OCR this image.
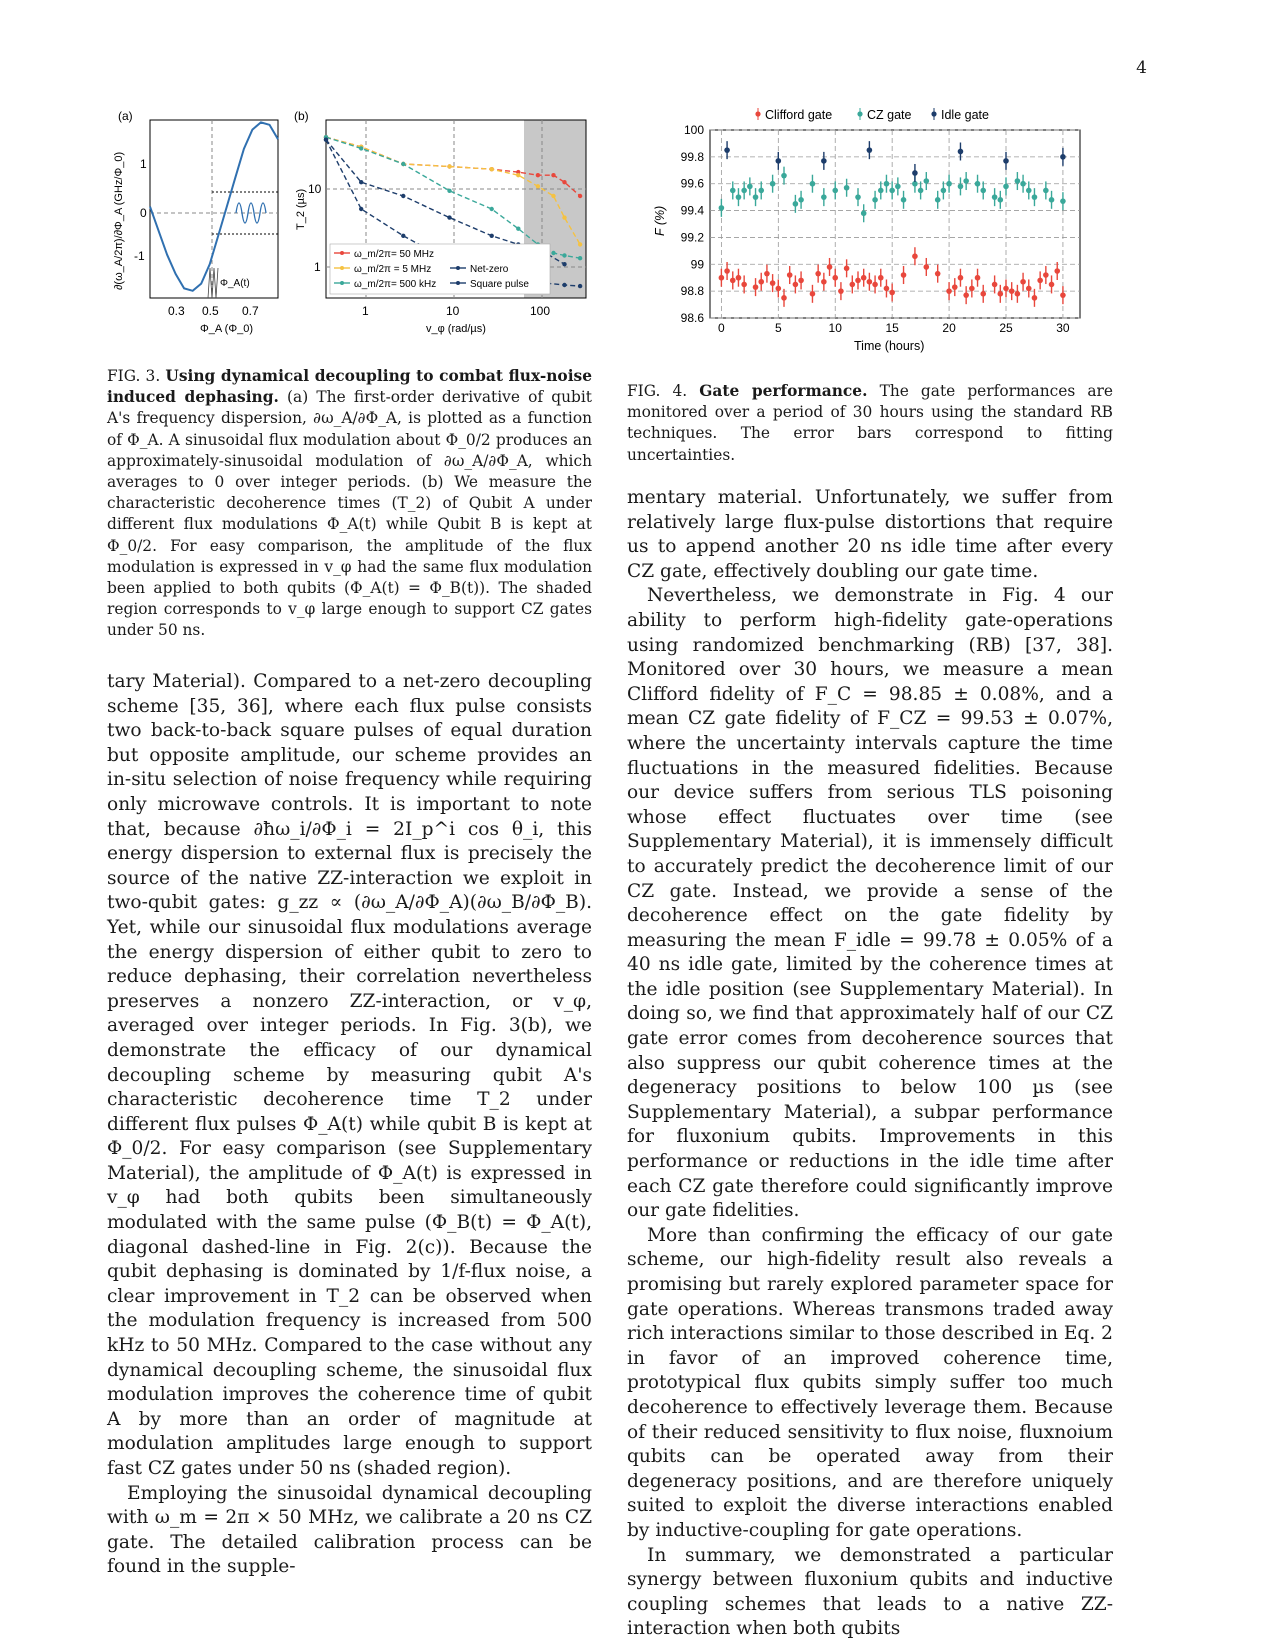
4
(a)
Φ_A(t)
0.3 0.5 0.7
1
0
-1
Φ_A (Φ_0)
∂(ω_A/2π)/∂Φ_A (GHz/Φ_0)
(b)
ω_m/2π= 50 MHz
ω_m/2π = 5 MHz
ω_m/2π= 500 kHz
Net-zero
Square pulse
1	10	100
10
1
v_φ (rad/µs)
T_2 (µs)
FIG. 3. Using dynamical decoupling to combat flux-noise induced dephasing. (a) The first-order derivative of qubit A's frequency dispersion, ∂ω_A/∂Φ_A, is plotted as a function of Φ_A. A sinusoidal flux modulation about Φ_0/2 produces an approximately-sinusoidal modulation of ∂ω_A/∂Φ_A, which averages to 0 over integer periods. (b) We measure the characteristic decoherence times (T_2) of Qubit A under different flux modulations Φ_A(t) while Qubit B is kept at Φ_0/2. For easy comparison, the amplitude of the flux modulation is expressed in v_φ had the same flux modulation been applied to both qubits (Φ_A(t) = Φ_B(t)). The shaded region corresponds to v_φ large enough to support CZ gates under 50 ns.
Clifford gate	CZ gate Idle gate
100
99.8
99.6
99.4
99.2
99
98.8
98.6
0	5	10	15	20	25	30
Time (hours)
F (%)
FIG. 4. Gate performance. The gate performances are monitored over a period of 30 hours using the standard RB techniques. The error bars correspond to fitting uncertainties.

tary Material). Compared to a net-zero decoupling scheme [35, 36], where each flux pulse consists two back-to-back square pulses of equal duration but opposite amplitude, our scheme provides an in-situ selection of noise frequency while requiring only microwave controls. It is important to note that, because ∂ħω_i/∂Φ_i = 2I_p^i cos θ_i, this energy dispersion to external flux is precisely the source of the native ZZ-interaction we exploit in two-qubit gates: g_zz ∝ (∂ω_A/∂Φ_A)(∂ω_B/∂Φ_B). Yet, while our sinusoidal flux modulations average the energy dispersion of either qubit to zero to reduce dephasing, their correlation nevertheless preserves a nonzero ZZ-interaction, or v_φ, averaged over integer periods. In Fig. 3(b), we demonstrate the efficacy of our dynamical decoupling scheme by measuring qubit A's characteristic decoherence time T_2 under different flux pulses Φ_A(t) while qubit B is kept at Φ_0/2. For easy comparison (see Supplementary Material), the amplitude of Φ_A(t) is expressed in v_φ had both qubits been simultaneously modulated with the same pulse (Φ_B(t) = Φ_A(t), diagonal dashed-line in Fig. 2(c)). Because the qubit dephasing is dominated by 1/f-flux noise, a clear improvement in T_2 can be observed when the modulation frequency is increased from 500 kHz to 50 MHz. Compared to the case without any dynamical decoupling scheme, the sinusoidal flux modulation improves the coherence time of qubit A by more than an order of magnitude at modulation amplitudes large enough to support fast CZ gates under 50 ns (shaded region).

Employing the sinusoidal dynamical decoupling with ω_m = 2π × 50 MHz, we calibrate a 20 ns CZ gate. The detailed calibration process can be found in the supple-

mentary material. Unfortunately, we suffer from relatively large flux-pulse distortions that require us to append another 20 ns idle time after every CZ gate, effectively doubling our gate time.

Nevertheless, we demonstrate in Fig. 4 our ability to perform high-fidelity gate-operations using randomized benchmarking (RB) [37, 38]. Monitored over 30 hours, we measure a mean Clifford fidelity of F_C = 98.85 ± 0.08%, and a mean CZ gate fidelity of F_CZ = 99.53 ± 0.07%, where the uncertainty intervals capture the time fluctuations in the measured fidelities. Because our device suffers from serious TLS poisoning whose effect fluctuates over time (see Supplementary Material), it is immensely difficult to accurately predict the decoherence limit of our CZ gate. Instead, we provide a sense of the decoherence effect on the gate fidelity by measuring the mean F_idle = 99.78 ± 0.05% of a 40 ns idle gate, limited by the coherence times at the idle position (see Supplementary Material). In doing so, we find that approximately half of our CZ gate error comes from decoherence sources that also suppress our qubit coherence times at the degeneracy positions to below 100 µs (see Supplementary Material), a subpar performance for fluxonium qubits. Improvements in this performance or reductions in the idle time after each CZ gate therefore could significantly improve our gate fidelities.

More than confirming the efficacy of our gate scheme, our high-fidelity result also reveals a promising but rarely explored parameter space for gate operations. Whereas transmons traded away rich interactions similar to those described in Eq. 2 in favor of an improved coherence time, prototypical flux qubits simply suffer too much decoherence to effectively leverage them. Because of their reduced sensitivity to flux noise, fluxnoium qubits can be operated away from their degeneracy positions, and are therefore uniquely suited to exploit the diverse interactions enabled by inductive-coupling for gate operations.

In summary, we demonstrated a particular synergy between fluxonium qubits and inductive coupling schemes that leads to a native ZZ-interaction when both qubits
